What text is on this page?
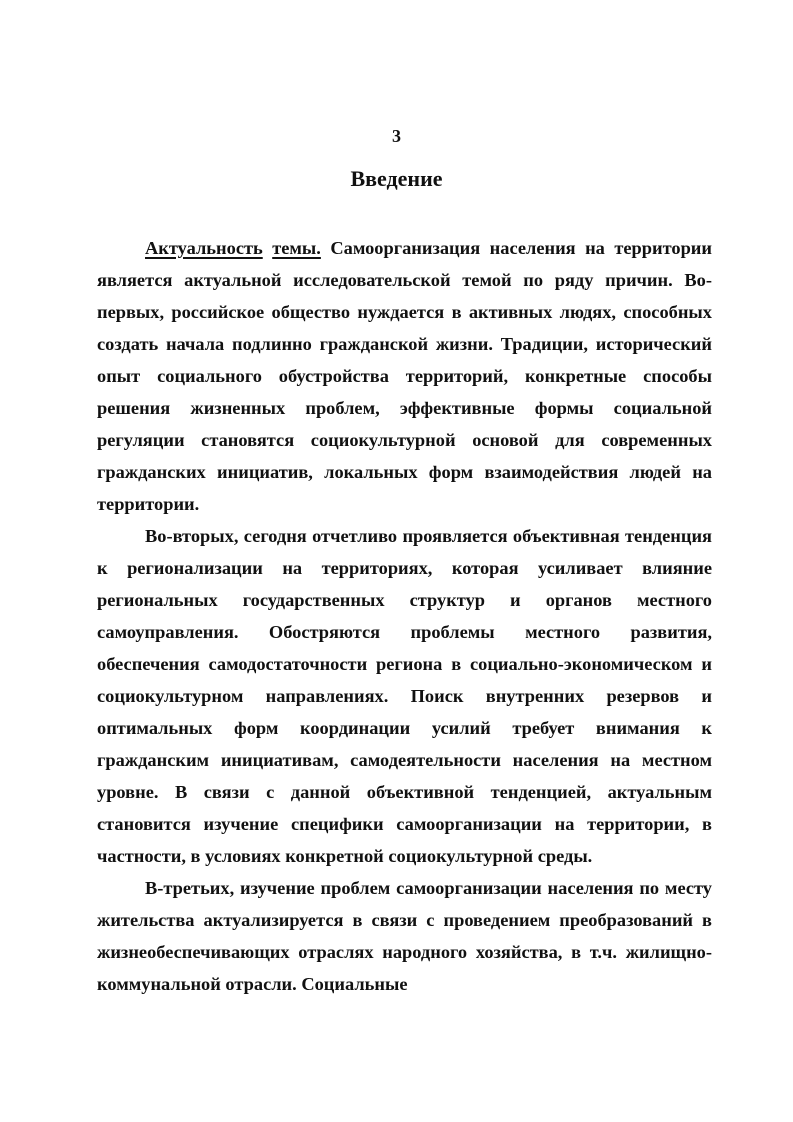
3
Введение

Актуальность темы. Самоорганизация населения на территории является актуальной исследовательской темой по ряду причин. Во-первых, российское общество нуждается в активных людях, способных создать начала подлинно гражданской жизни. Традиции, исторический опыт социального обустройства территорий, конкретные способы решения жизненных проблем, эффективные формы социальной регуляции становятся социокультурной основой для современных гражданских инициатив, локальных форм взаимодействия людей на территории.

Во-вторых, сегодня отчетливо проявляется объективная тенденция к регионализации на территориях, которая усиливает влияние региональных государственных структур и органов местного самоуправления. Обостряются проблемы местного развития, обеспечения самодостаточности региона в социально-экономическом и социокультурном направлениях. Поиск внутренних резервов и оптимальных форм координации усилий требует внимания к гражданским инициативам, самодеятельности населения на местном уровне. В связи с данной объективной тенденцией, актуальным становится изучение специфики самоорганизации на территории, в частности, в условиях конкретной социокультурной среды.

В-третьих, изучение проблем самоорганизации населения по месту жительства актуализируется в связи с проведением преобразований в жизнеобеспечивающих отраслях народного хозяйства, в т.ч. жилищно-коммунальной отрасли. Социальные
